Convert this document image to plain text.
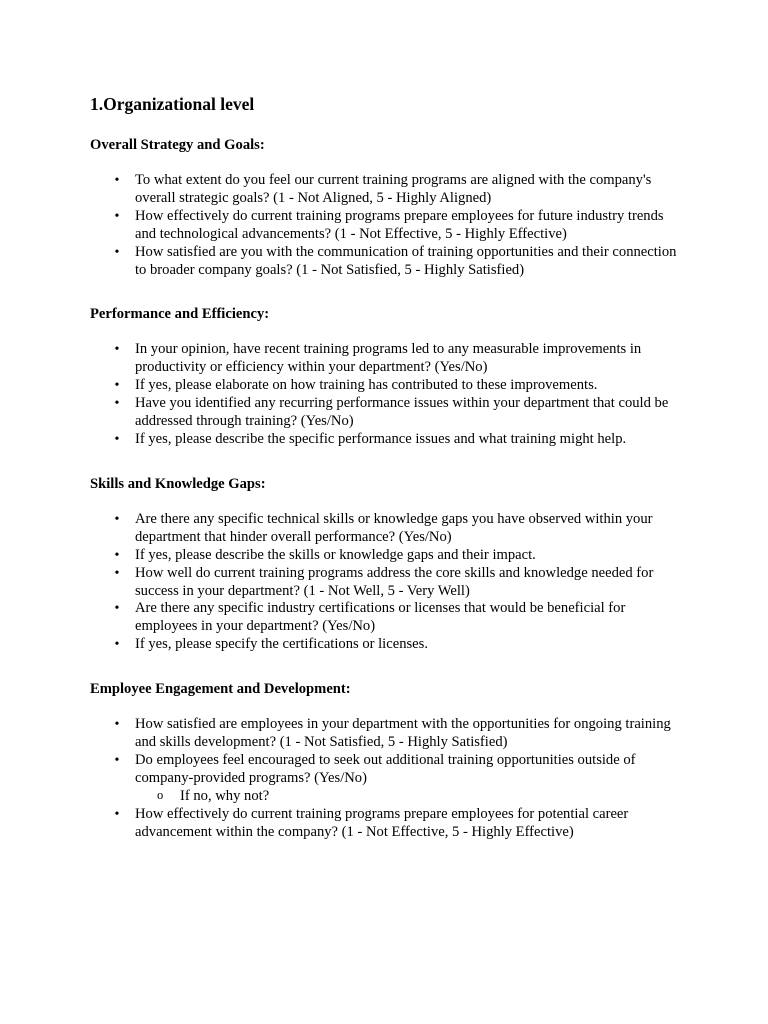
1.Organizational level
Overall Strategy and Goals:
• To what extent do you feel our current training programs are aligned with the company's overall strategic goals? (1 - Not Aligned, 5 - Highly Aligned)
• How effectively do current training programs prepare employees for future industry trends and technological advancements? (1 - Not Effective, 5 - Highly Effective)
• How satisfied are you with the communication of training opportunities and their connection to broader company goals? (1 - Not Satisfied, 5 - Highly Satisfied)
Performance and Efficiency:
• In your opinion, have recent training programs led to any measurable improvements in productivity or efficiency within your department? (Yes/No)
• If yes, please elaborate on how training has contributed to these improvements.
• Have you identified any recurring performance issues within your department that could be addressed through training? (Yes/No)
• If yes, please describe the specific performance issues and what training might help.
Skills and Knowledge Gaps:
• Are there any specific technical skills or knowledge gaps you have observed within your department that hinder overall performance? (Yes/No)
• If yes, please describe the skills or knowledge gaps and their impact.
• How well do current training programs address the core skills and knowledge needed for success in your department? (1 - Not Well, 5 - Very Well)
• Are there any specific industry certifications or licenses that would be beneficial for employees in your department? (Yes/No)
• If yes, please specify the certifications or licenses.
Employee Engagement and Development:
• How satisfied are employees in your department with the opportunities for ongoing training and skills development? (1 - Not Satisfied, 5 - Highly Satisfied)
• Do employees feel encouraged to seek out additional training opportunities outside of company-provided programs? (Yes/No)
o If no, why not?
• How effectively do current training programs prepare employees for potential career advancement within the company? (1 - Not Effective, 5 - Highly Effective)
